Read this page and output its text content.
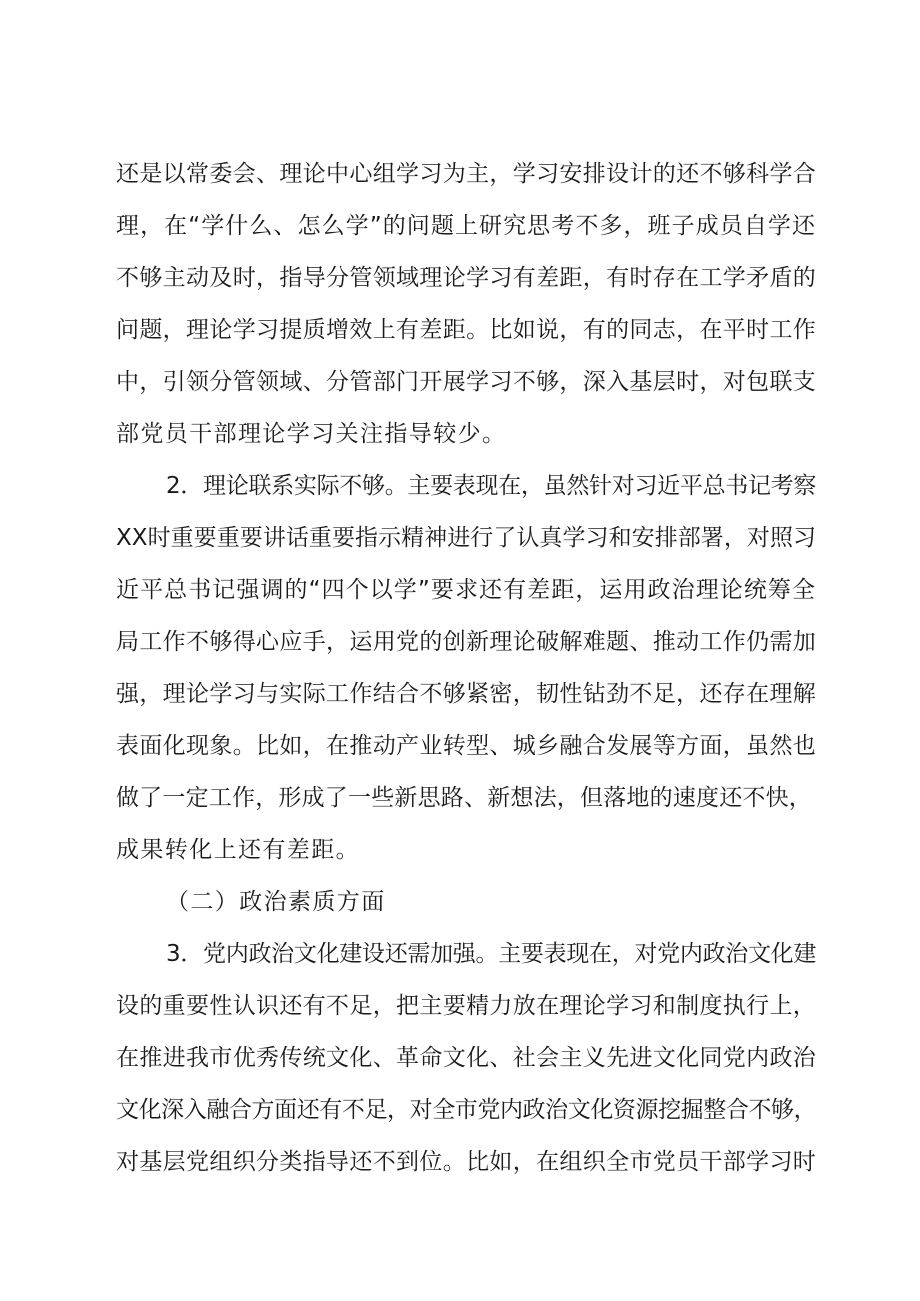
还是以常委会、理论中心组学习为主，学习安排设计的还不够科学合
理，在“学什么、怎么学”的问题上研究思考不多，班子成员自学还
不够主动及时，指导分管领域理论学习有差距，有时存在工学矛盾的
问题，理论学习提质增效上有差距。比如说，有的同志，在平时工作
中，引领分管领域、分管部门开展学习不够，深入基层时，对包联支
部党员干部理论学习关注指导较少。
2．理论联系实际不够。主要表现在，虽然针对习近平总书记考察
XX时重要重要讲话重要指示精神进行了认真学习和安排部署，对照习
近平总书记强调的“四个以学”要求还有差距，运用政治理论统筹全
局工作不够得心应手，运用党的创新理论破解难题、推动工作仍需加
强，理论学习与实际工作结合不够紧密，韧性钻劲不足，还存在理解
表面化现象。比如，在推动产业转型、城乡融合发展等方面，虽然也
做了一定工作，形成了一些新思路、新想法，但落地的速度还不快，
成果转化上还有差距。
（二）政治素质方面
3．党内政治文化建设还需加强。主要表现在，对党内政治文化建
设的重要性认识还有不足，把主要精力放在理论学习和制度执行上，
在推进我市优秀传统文化、革命文化、社会主义先进文化同党内政治
文化深入融合方面还有不足，对全市党内政治文化资源挖掘整合不够，
对基层党组织分类指导还不到位。比如，在组织全市党员干部学习时
